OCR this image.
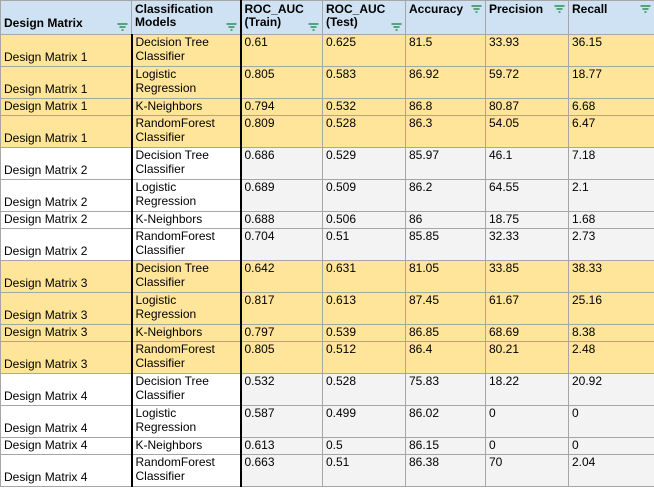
Design Matrix	Classification Models	ROC_AUC (Train)	ROC_AUC (Test)	Accuracy	Precision	Recall

Design Matrix 1	Decision Tree Classifier	0.61	0.625	81.5	33.93	36.15
Design Matrix 1	Logistic Regression	0.805	0.583	86.92	59.72	18.77
Design Matrix 1	K-Neighbors	0.794	0.532	86.8	80.87	6.68
Design Matrix 1	RandomForest Classifier	0.809	0.528	86.3	54.05	6.47
Design Matrix 2	Decision Tree Classifier	0.686	0.529	85.97	46.1	7.18
Design Matrix 2	Logistic Regression	0.689	0.509	86.2	64.55	2.1
Design Matrix 2	K-Neighbors	0.688	0.506	86	18.75	1.68
Design Matrix 2	RandomForest Classifier	0.704	0.51	85.85	32.33	2.73
Design Matrix 3	Decision Tree Classifier	0.642	0.631	81.05	33.85	38.33
Design Matrix 3	Logistic Regression	0.817	0.613	87.45	61.67	25.16
Design Matrix 3	K-Neighbors	0.797	0.539	86.85	68.69	8.38
Design Matrix 3	RandomForest Classifier	0.805	0.512	86.4	80.21	2.48
Design Matrix 4	Decision Tree Classifier	0.532	0.528	75.83	18.22	20.92
Design Matrix 4	Logistic Regression	0.587	0.499	86.02	0	0
Design Matrix 4	K-Neighbors	0.613	0.5	86.15	0	0
Design Matrix 4	RandomForest Classifier	0.663	0.51	86.38	70	2.04
